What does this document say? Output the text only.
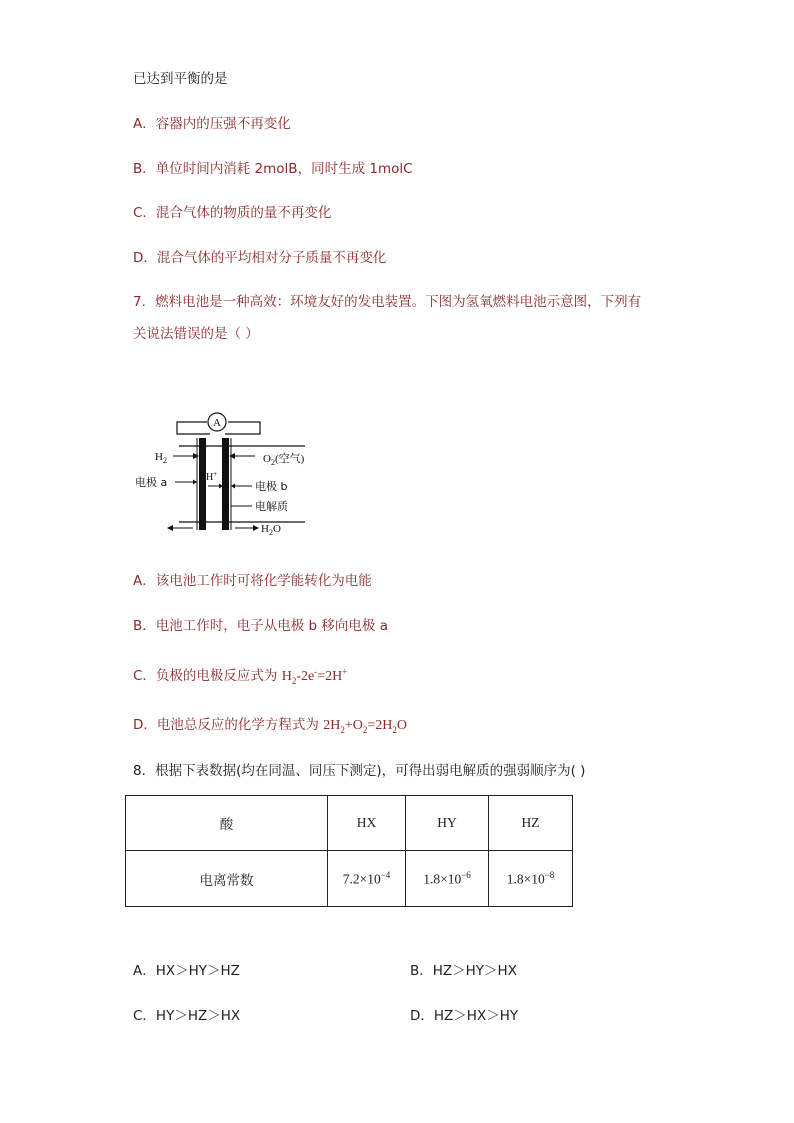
已达到平衡的是
A．容器内的压强不再变化
B．单位时间内消耗 2molB，同时生成 1molC
C．混合气体的物质的量不再变化
D．混合气体的平均相对分子质量不再变化
7．燃料电池是一种高效：环境友好的发电装置。下图为氢氧燃料电池示意图，下列有
关说法错误的是（ ）
A
$H_2$	$O_2$(空气)
H+
电极 a	电极 b
电解质
$H_2O$
A．该电池工作时可将化学能转化为电能
B．电池工作时，电子从电极 b 移向电极 a
C．负极的电极反应式为 $H_2-2e^-=2H^+$
D．电池总反应的化学方程式为 $2H_2+O_2=2H_2O$
8．根据下表数据(均在同温、同压下测定)，可得出弱电解质的强弱顺序为( )
酸	HX	HY	HZ
电离常数	$7.2\times 10^{-4}$	$1.8\times 10^{-6}$	$1.8\times 10^{-8}$
A．HX＞HY＞HZ	B．HZ＞HY＞HX
C．HY＞HZ＞HX	D．HZ＞HX＞HY
